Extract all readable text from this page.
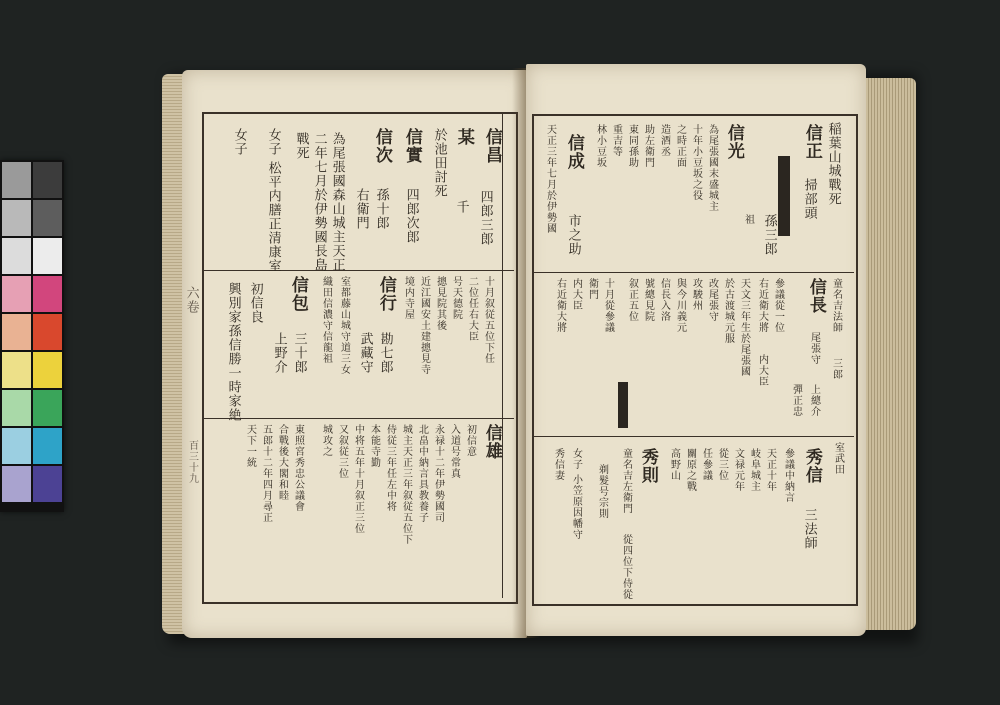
信昌
四郎三郎
某
千
於池田討死
信實
四郎次郎
信次
孫十郎
右衛門
為尾張國森山城主天正
二年七月於伊勢國長島
戰死
女子 松平内膳正清康室
女子
十月叙従五位下任
二位任右大臣
号天德院
摠見院其後
近江國安土建摠見寺
境内寺屋
信行
勘七郎
武藏守
室都藤山城守道三女
織田信濃守信龍祖
信包
三十郎
上野介
初信良
興別家孫信勝一時家絶
信雄
初信意
入道号常真
永禄十二年伊勢國司
北畠中納言具教養子
城主天正三年叙従五位下
侍従三年任左中将
本能寺勤
中将五年十月叙正三位
又叙従三位
城攻之
東照宮秀忠公議會
合戰後大閣和睦
五郎十二年四月尋正
天下一統
六卷
百三十九
稲葉山城戰死
信正
掃部頭
孫三郎
祖
信光
為尾張國末盛城主
十年小豆坂之役
之時正面
造酒丞
助左衛門
東同孫助
重吉等
林小豆坂
信成
市之助
天正三年七月於伊勢國
童名吉法師
三郎
信長
尾張守
上總介
彈正忠
參議從一位
右近衛大將
内大臣
天文三年生於尾張國
於古渡城元服
改尾張守
攻駿州
與今川義元
信長入洛
號總見院
叙正五位
十月從參議
衛門
内大臣
右近衛大將
室武田
秀信
三法師
參議中納言
天正十年
岐阜城主
文禄元年
從三位
任參議
關原之戰
高野山
秀則
童名吉左衛門
從四位下侍從
剃髮号宗則
女子 小笠原因幡守
秀信妻
